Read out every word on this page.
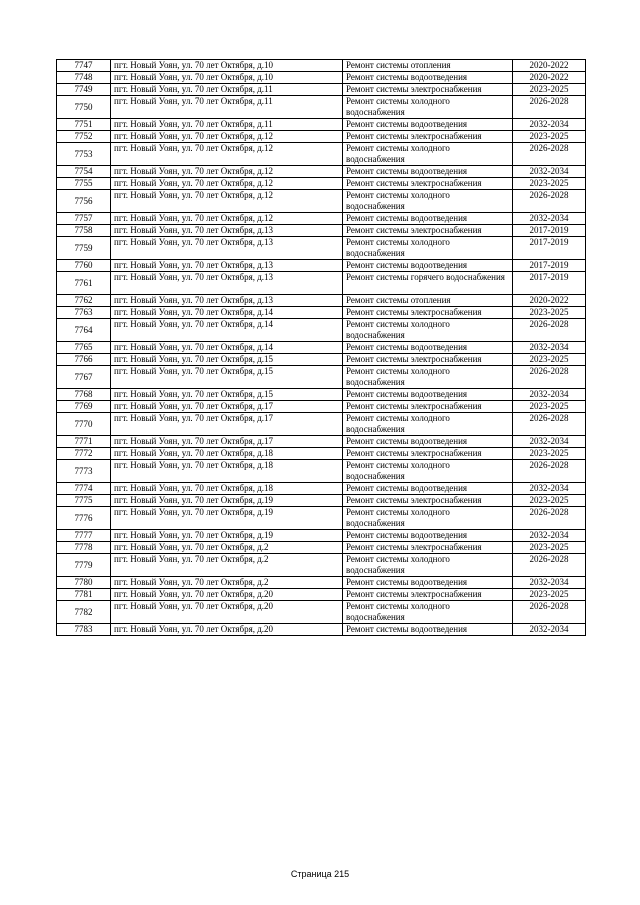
7747	пгт. Новый Уоян, ул. 70 лет Октября, д.10	Ремонт системы отопления	2020-2022
7748	пгт. Новый Уоян, ул. 70 лет Октября, д.10	Ремонт системы водоотведения	2020-2022
7749	пгт. Новый Уоян, ул. 70 лет Октября, д.11	Ремонт системы электроснабжения	2023-2025
7750	пгт. Новый Уоян, ул. 70 лет Октября, д.11	Ремонт системы холодного водоснабжения	2026-2028
7751	пгт. Новый Уоян, ул. 70 лет Октября, д.11	Ремонт системы водоотведения	2032-2034
7752	пгт. Новый Уоян, ул. 70 лет Октября, д.12	Ремонт системы электроснабжения	2023-2025
7753	пгт. Новый Уоян, ул. 70 лет Октября, д.12	Ремонт системы холодного водоснабжения	2026-2028
7754	пгт. Новый Уоян, ул. 70 лет Октября, д.12	Ремонт системы водоотведения	2032-2034
7755	пгт. Новый Уоян, ул. 70 лет Октября, д.12	Ремонт системы электроснабжения	2023-2025
7756	пгт. Новый Уоян, ул. 70 лет Октября, д.12	Ремонт системы холодного водоснабжения	2026-2028
7757	пгт. Новый Уоян, ул. 70 лет Октября, д.12	Ремонт системы водоотведения	2032-2034
7758	пгт. Новый Уоян, ул. 70 лет Октября, д.13	Ремонт системы электроснабжения	2017-2019
7759	пгт. Новый Уоян, ул. 70 лет Октября, д.13	Ремонт системы холодного водоснабжения	2017-2019
7760	пгт. Новый Уоян, ул. 70 лет Октября, д.13	Ремонт системы водоотведения	2017-2019
7761	пгт. Новый Уоян, ул. 70 лет Октября, д.13	Ремонт системы горячего водоснабжения	2017-2019
7762	пгт. Новый Уоян, ул. 70 лет Октября, д.13	Ремонт системы отопления	2020-2022
7763	пгт. Новый Уоян, ул. 70 лет Октября, д.14	Ремонт системы электроснабжения	2023-2025
7764	пгт. Новый Уоян, ул. 70 лет Октября, д.14	Ремонт системы холодного водоснабжения	2026-2028
7765	пгт. Новый Уоян, ул. 70 лет Октября, д.14	Ремонт системы водоотведения	2032-2034
7766	пгт. Новый Уоян, ул. 70 лет Октября, д.15	Ремонт системы электроснабжения	2023-2025
7767	пгт. Новый Уоян, ул. 70 лет Октября, д.15	Ремонт системы холодного водоснабжения	2026-2028
7768	пгт. Новый Уоян, ул. 70 лет Октября, д.15	Ремонт системы водоотведения	2032-2034
7769	пгт. Новый Уоян, ул. 70 лет Октября, д.17	Ремонт системы электроснабжения	2023-2025
7770	пгт. Новый Уоян, ул. 70 лет Октября, д.17	Ремонт системы холодного водоснабжения	2026-2028
7771	пгт. Новый Уоян, ул. 70 лет Октября, д.17	Ремонт системы водоотведения	2032-2034
7772	пгт. Новый Уоян, ул. 70 лет Октября, д.18	Ремонт системы электроснабжения	2023-2025
7773	пгт. Новый Уоян, ул. 70 лет Октября, д.18	Ремонт системы холодного водоснабжения	2026-2028
7774	пгт. Новый Уоян, ул. 70 лет Октября, д.18	Ремонт системы водоотведения	2032-2034
7775	пгт. Новый Уоян, ул. 70 лет Октября, д.19	Ремонт системы электроснабжения	2023-2025
7776	пгт. Новый Уоян, ул. 70 лет Октября, д.19	Ремонт системы холодного водоснабжения	2026-2028
7777	пгт. Новый Уоян, ул. 70 лет Октября, д.19	Ремонт системы водоотведения	2032-2034
7778	пгт. Новый Уоян, ул. 70 лет Октября, д.2	Ремонт системы электроснабжения	2023-2025
7779	пгт. Новый Уоян, ул. 70 лет Октября, д.2	Ремонт системы холодного водоснабжения	2026-2028
7780	пгт. Новый Уоян, ул. 70 лет Октября, д.2	Ремонт системы водоотведения	2032-2034
7781	пгт. Новый Уоян, ул. 70 лет Октября, д.20	Ремонт системы электроснабжения	2023-2025
7782	пгт. Новый Уоян, ул. 70 лет Октября, д.20	Ремонт системы холодного водоснабжения	2026-2028
7783	пгт. Новый Уоян, ул. 70 лет Октября, д.20	Ремонт системы водоотведения	2032-2034
Страница 215
